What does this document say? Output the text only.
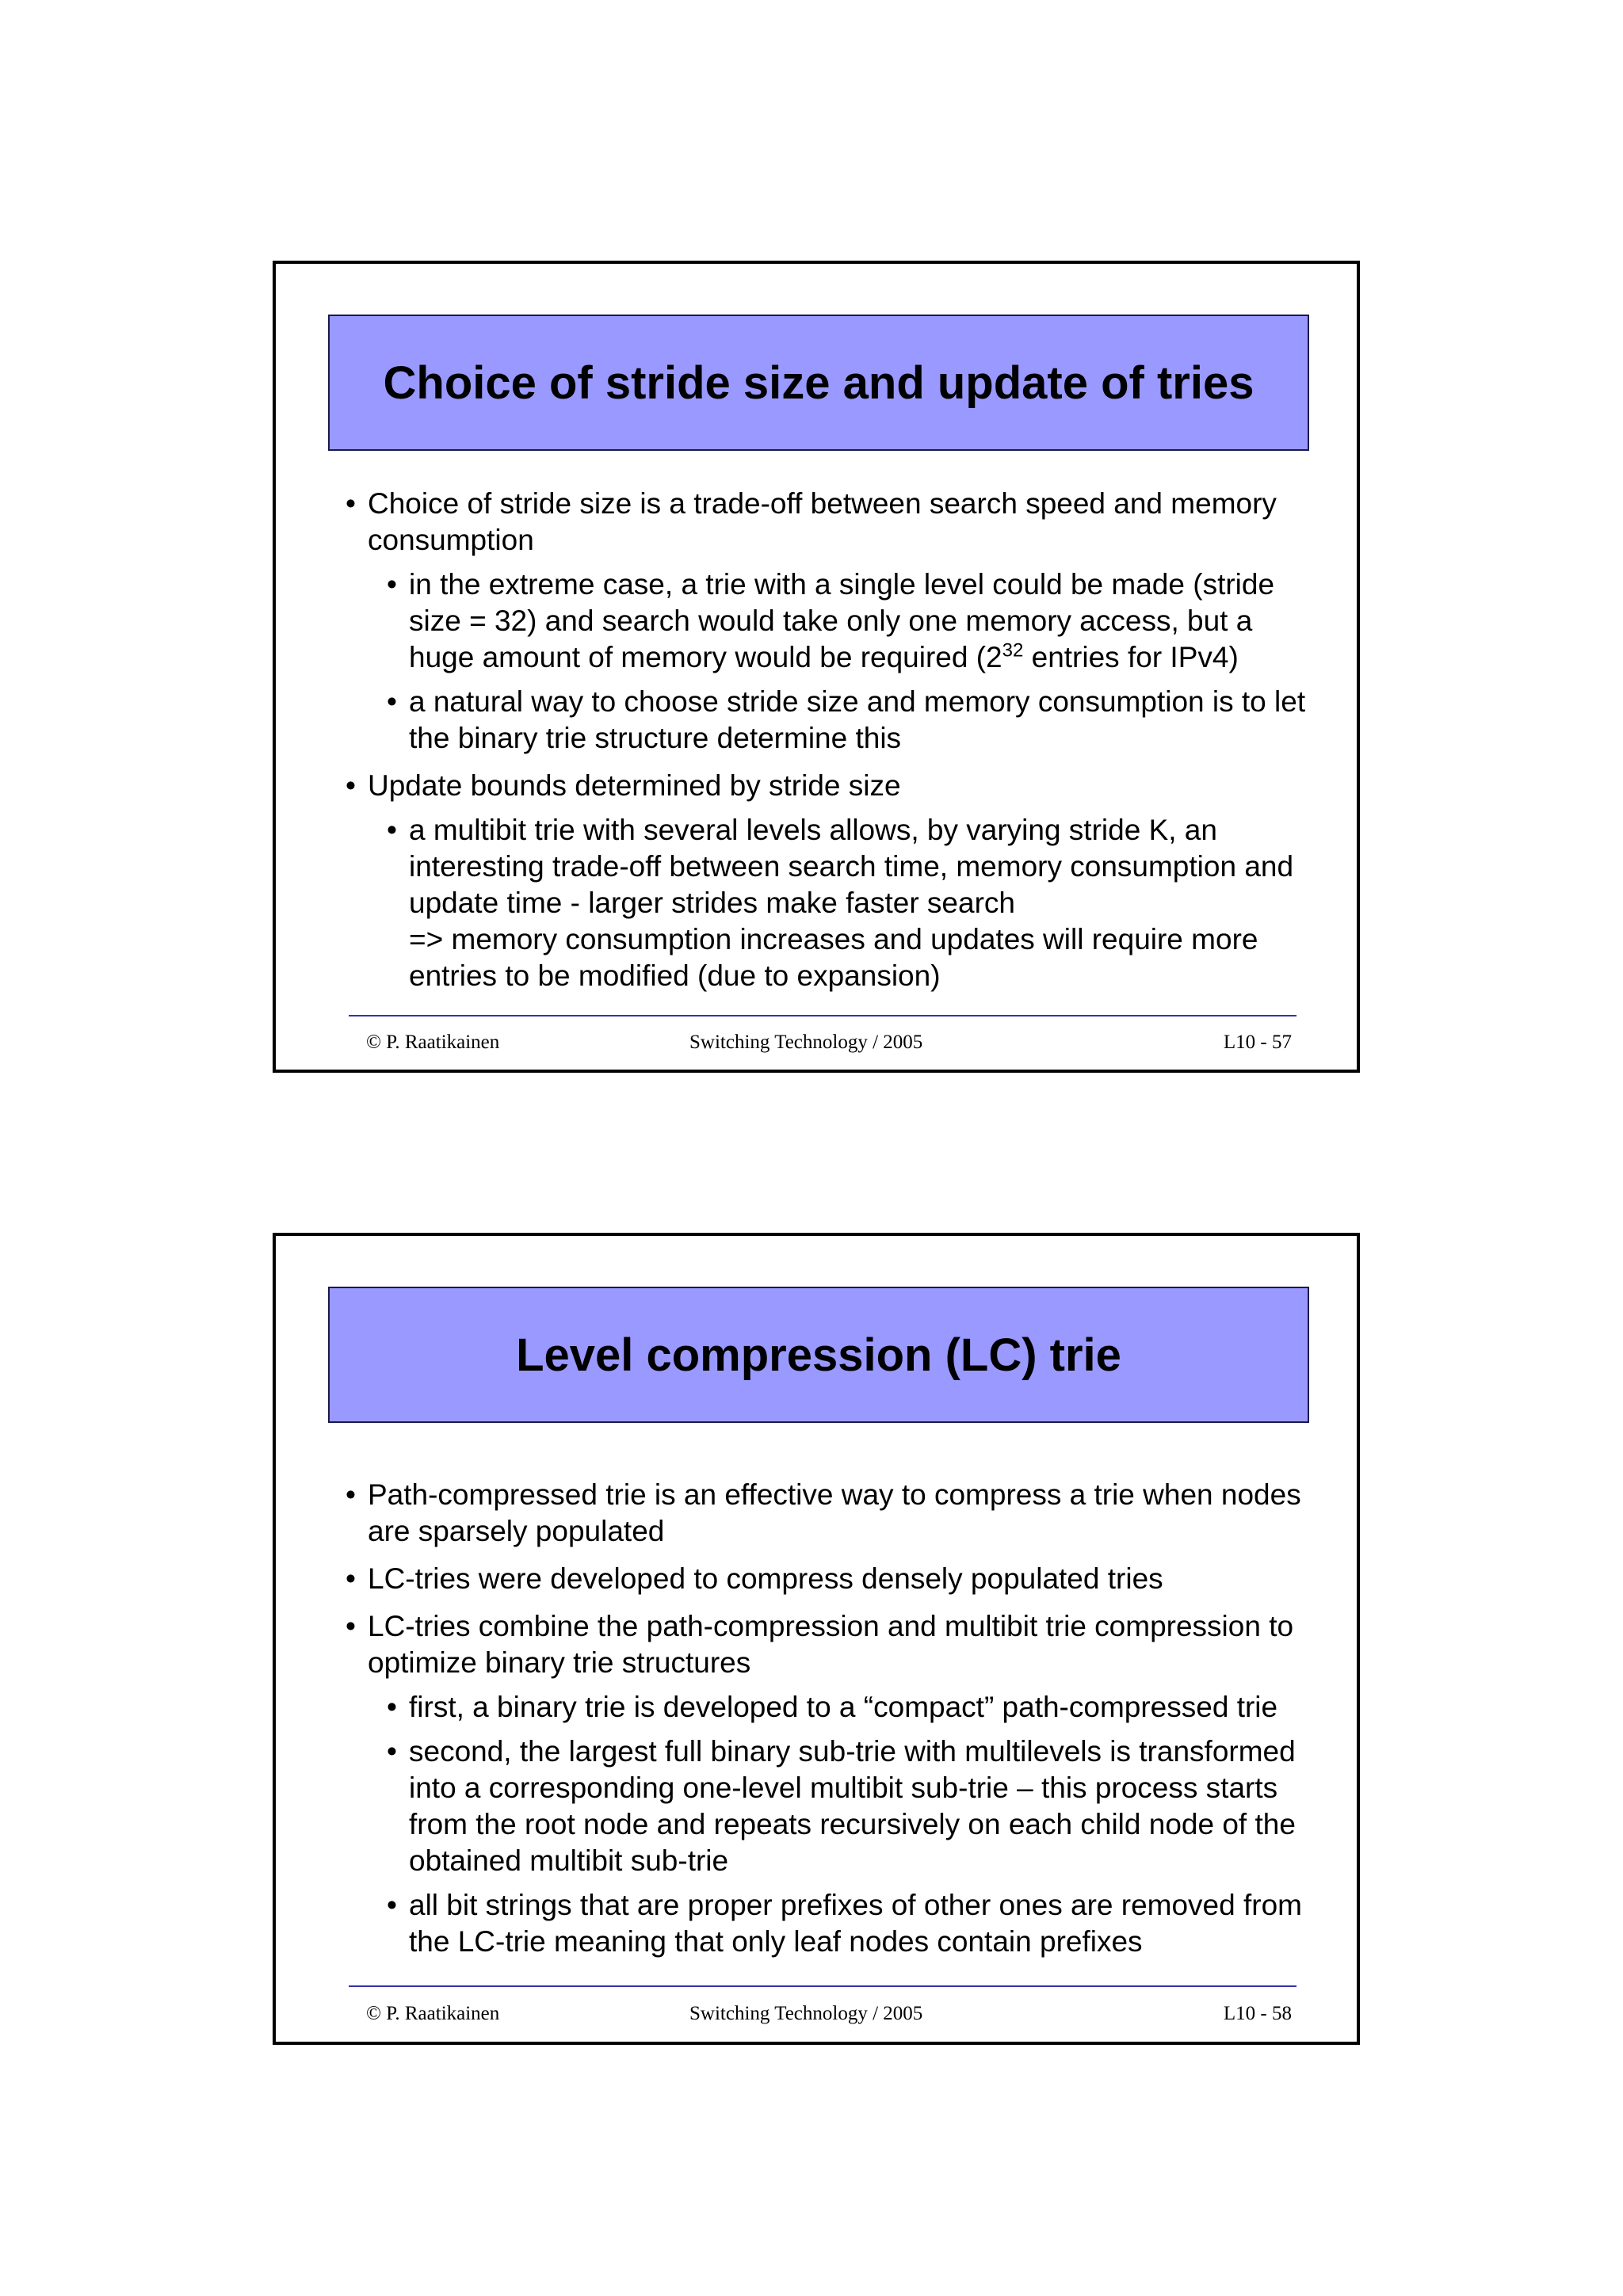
Choice of stride size and update of tries
• Choice of stride size is a trade-off between search speed and memory consumption
• in the extreme case, a trie with a single level could be made (stride size = 32) and search would take only one memory access, but a huge amount of memory would be required ($2^{32}$ entries for IPv4)
• a natural way to choose stride size and memory consumption is to let the binary trie structure determine this
• Update bounds determined by stride size
• a multibit trie with several levels allows, by varying stride K, an interesting trade-off between search time, memory consumption and update time - larger strides make faster search
=> memory consumption increases and updates will require more entries to be modified (due to expansion)
© P. Raatikainen	Switching Technology / 2005	L10 - 57
Level compression (LC) trie
• Path-compressed trie is an effective way to compress a trie when nodes are sparsely populated
• LC-tries were developed to compress densely populated tries
• LC-tries combine the path-compression and multibit trie compression to optimize binary trie structures
• first, a binary trie is developed to a “compact” path-compressed trie
• second, the largest full binary sub-trie with multilevels is transformed into a corresponding one-level multibit sub-trie – this process starts from the root node and repeats recursively on each child node of the obtained multibit sub-trie
• all bit strings that are proper prefixes of other ones are removed from the LC-trie meaning that only leaf nodes contain prefixes
© P. Raatikainen	Switching Technology / 2005	L10 - 58
